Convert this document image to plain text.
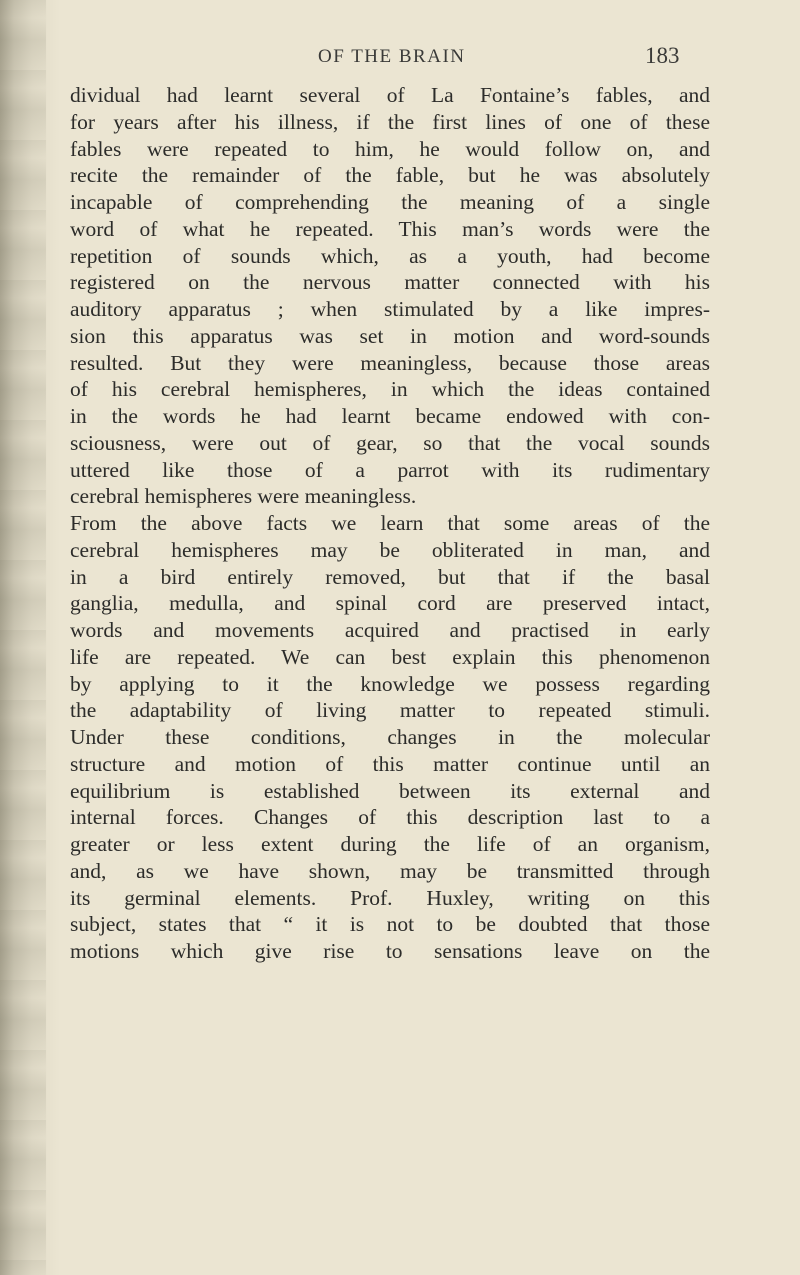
OF THE BRAIN	183
dividual had learnt several of La Fontaine’s fables, and
for years after his illness, if the first lines of one of these
fables were repeated to him, he would follow on, and
recite the remainder of the fable, but he was absolutely
incapable of comprehending the meaning of a single
word of what he repeated. This man’s words were the
repetition of sounds which, as a youth, had become
registered on the nervous matter connected with his
auditory apparatus ; when stimulated by a like impres-
sion this apparatus was set in motion and word-sounds
resulted. But they were meaningless, because those areas
of his cerebral hemispheres, in which the ideas contained
in the words he had learnt became endowed with con-
sciousness, were out of gear, so that the vocal sounds
uttered like those of a parrot with its rudimentary
cerebral hemispheres were meaningless.
From the above facts we learn that some areas of the
cerebral hemispheres may be obliterated in man, and
in a bird entirely removed, but that if the basal
ganglia, medulla, and spinal cord are preserved intact,
words and movements acquired and practised in early
life are repeated. We can best explain this phenomenon
by applying to it the knowledge we possess regarding
the adaptability of living matter to repeated stimuli.
Under these conditions, changes in the molecular
structure and motion of this matter continue until an
equilibrium is established between its external and
internal forces. Changes of this description last to a
greater or less extent during the life of an organism,
and, as we have shown, may be transmitted through
its germinal elements. Prof. Huxley, writing on this
subject, states that “ it is not to be doubted that those
motions which give rise to sensations leave on the
